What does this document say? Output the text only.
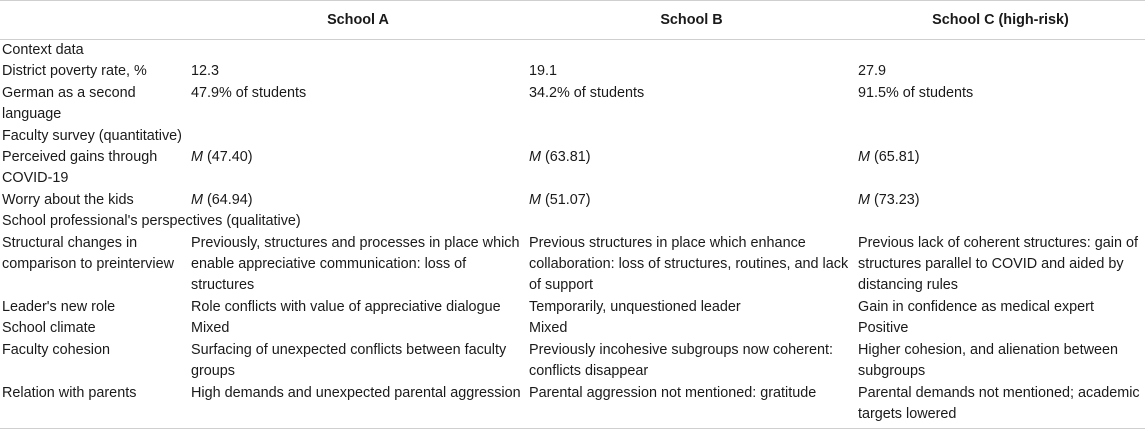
	School A	School B	School C (high-risk)
Context data			
District poverty rate, %	12.3	19.1	27.9
German as a second language	47.9% of students	34.2% of students	91.5% of students
Faculty survey (quantitative)			
Perceived gains through COVID-19	M (47.40)	M (63.81)	M (65.81)
Worry about the kids	M (64.94)	M (51.07)	M (73.23)
School professional's perspectives (qualitative)			
Structural changes in comparison to preinterview	Previously, structures and processes in place which enable appreciative communication: loss of structures	Previous structures in place which enhance collaboration: loss of structures, routines, and lack of support	Previous lack of coherent structures: gain of structures parallel to COVID and aided by distancing rules
Leader's new role	Role conflicts with value of appreciative dialogue	Temporarily, unquestioned leader	Gain in confidence as medical expert
School climate	Mixed	Mixed	Positive
Faculty cohesion	Surfacing of unexpected conflicts between faculty groups	Previously incohesive subgroups now coherent: conflicts disappear	Higher cohesion, and alienation between subgroups
Relation with parents	High demands and unexpected parental aggression	Parental aggression not mentioned: gratitude	Parental demands not mentioned; academic targets lowered
